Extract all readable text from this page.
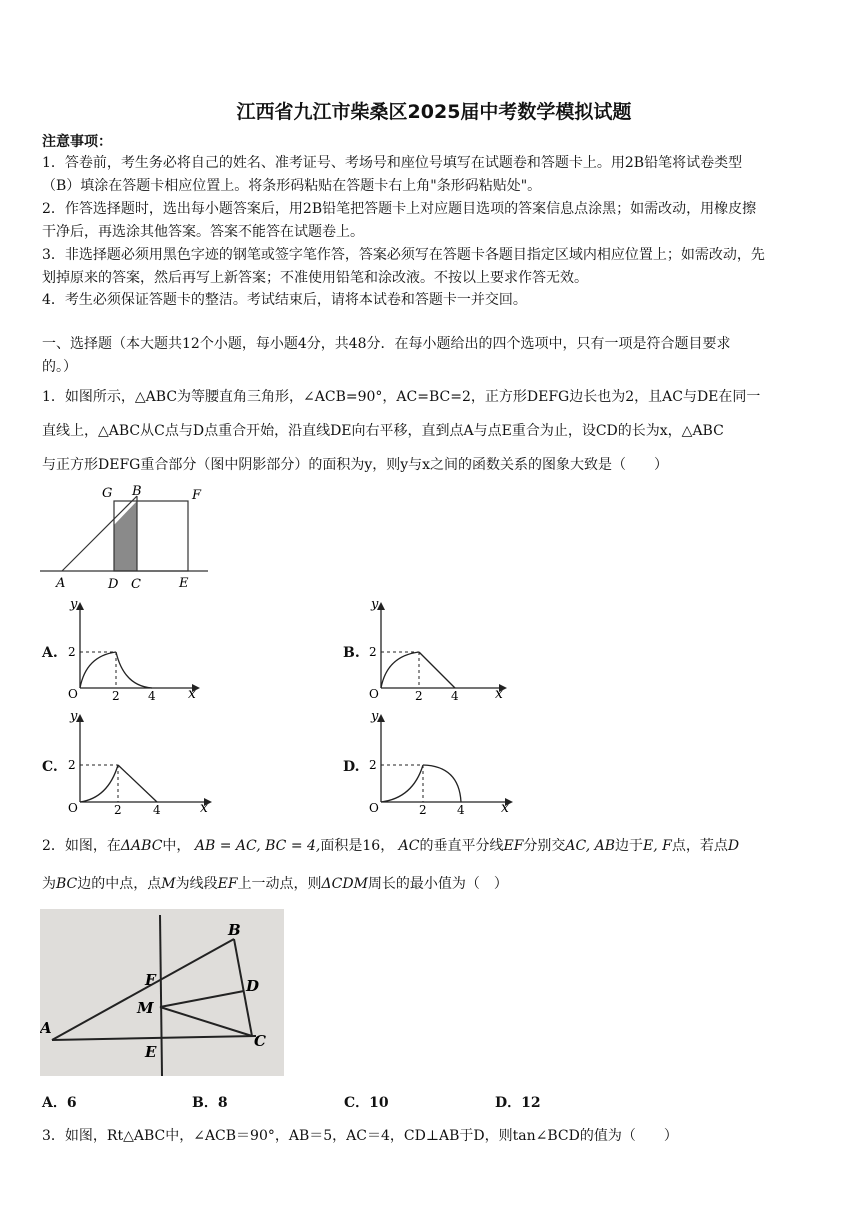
江西省九江市柴桑区2025届中考数学模拟试题
注意事项：
1．答卷前，考生务必将自己的姓名、准考证号、考场号和座位号填写在试题卷和答题卡上。用2B铅笔将试卷类型
（B）填涂在答题卡相应位置上。将条形码粘贴在答题卡右上角"条形码粘贴处"。
2．作答选择题时，选出每小题答案后，用2B铅笔把答题卡上对应题目选项的答案信息点涂黑；如需改动，用橡皮擦
干净后，再选涂其他答案。答案不能答在试题卷上。
3．非选择题必须用黑色字迹的钢笔或签字笔作答，答案必须写在答题卡各题目指定区域内相应位置上；如需改动，先
划掉原来的答案，然后再写上新答案；不准使用铅笔和涂改液。不按以上要求作答无效。
4．考生必须保证答题卡的整洁。考试结束后，请将本试卷和答题卡一并交回。
一、选择题（本大题共12个小题，每小题4分，共48分．在每小题给出的四个选项中，只有一项是符合题目要求
的。）
1．如图所示，△ABC为等腰直角三角形，∠ACB=90°，AC=BC=2，正方形DEFG边长也为2，且AC与DE在同一
直线上，△ABC从C点与D点重合开始，沿直线DE向右平移，直到点A与点E重合为止，设CD的长为x，△ABC
与正方形DEFG重合部分（图中阴影部分）的面积为y，则y与x之间的函数关系的图象大致是（　　）
G B	F
A	D C	E
A.
y
x
O
2
2 4
B.
y
x
O
2
2 4
C.
y
x
O
2
2	4
D.
y
x
O
2
2	4
2．如图，在ΔABC中， AB = AC, BC = 4,面积是16， AC的垂直平分线EF分别交AC, AB边于E, F点，若点D
为BC边的中点，点M为线段EF上一动点，则ΔCDM周长的最小值为（　）
B
F	D
M
A
E
C
A．6	B．8	C．10	D．12
3．如图，Rt△ABC中，∠ACB＝90°，AB＝5，AC＝4，CD⊥AB于D，则tan∠BCD的值为（　　）
